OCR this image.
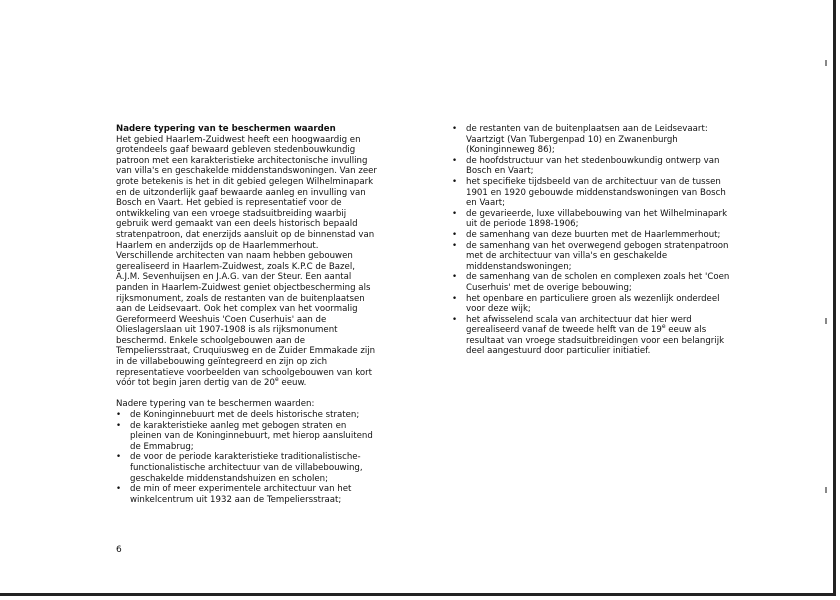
Nadere typering van te beschermen waarden

Het gebied Haarlem-Zuidwest heeft een hoogwaardig en grotendeels gaaf bewaard gebleven stedenbouwkundig patroon met een karakteristieke architectonische invulling van villa's en geschakelde middenstandswoningen. Van zeer grote betekenis is het in dit gebied gelegen Wilhelminapark en de uitzonderlijk gaaf bewaarde aanleg en invulling van Bosch en Vaart. Het gebied is representatief voor de ontwikkeling van een vroege stadsuitbreiding waarbij gebruik werd gemaakt van een deels historisch bepaald stratenpatroon, dat enerzijds aansluit op de binnenstad van Haarlem en anderzijds op de Haarlemmerhout. Verschillende architecten van naam hebben gebouwen gerealiseerd in Haarlem-Zuidwest, zoals K.P.C de Bazel, A.J.M. Sevenhuijsen en J.A.G. van der Steur. Een aantal panden in Haarlem-Zuidwest geniet objectbescherming als rijksmonument, zoals de restanten van de buitenplaatsen aan de Leidsevaart. Ook het complex van het voormalig Gereformeerd Weeshuis 'Coen Cuserhuis' aan de Olieslagerslaan uit 1907-1908 is als rijksmonument beschermd. Enkele schoolgebouwen aan de Tempeliersstraat, Cruquiusweg en de Zuider Emmakade zijn in de villabebouwing geïntegreerd en zijn op zich representatieve voorbeelden van schoolgebouwen van kort vóór tot begin jaren dertig van de 20e eeuw.

Nadere typering van te beschermen waarden:

• de Koninginnebuurt met de deels historische straten;
• de karakteristieke aanleg met gebogen straten en pleinen van de Koninginnebuurt, met hierop aansluitend de Emmabrug;
• de voor de periode karakteristieke traditionalistische-functionalistische architectuur van de villabebouwing, geschakelde middenstandshuizen en scholen;
• de min of meer experimentele architectuur van het winkelcentrum uit 1932 aan de Tempeliersstraat;
• de restanten van de buitenplaatsen aan de Leidsevaart: Vaartzigt (Van Tubergenpad 10) en Zwanenburgh (Koninginneweg 86);
• de hoofdstructuur van het stedenbouwkundig ontwerp van Bosch en Vaart;
• het specifieke tijdsbeeld van de architectuur van de tussen 1901 en 1920 gebouwde middenstandswoningen van Bosch en Vaart;
• de gevarieerde, luxe villabebouwing van het Wilhelminapark uit de periode 1898-1906;
• de samenhang van deze buurten met de Haarlemmerhout;
• de samenhang van het overwegend gebogen stratenpatroon met de architectuur van villa's en geschakelde middenstandswoningen;
• de samenhang van de scholen en complexen zoals het 'Coen Cuserhuis' met de overige bebouwing;
• het openbare en particuliere groen als wezenlijk onderdeel voor deze wijk;
• het afwisselend scala van architectuur dat hier werd gerealiseerd vanaf de tweede helft van de 19e eeuw als resultaat van vroege stadsuitbreidingen voor een belangrijk deel aangestuurd door particulier initiatief.
6
